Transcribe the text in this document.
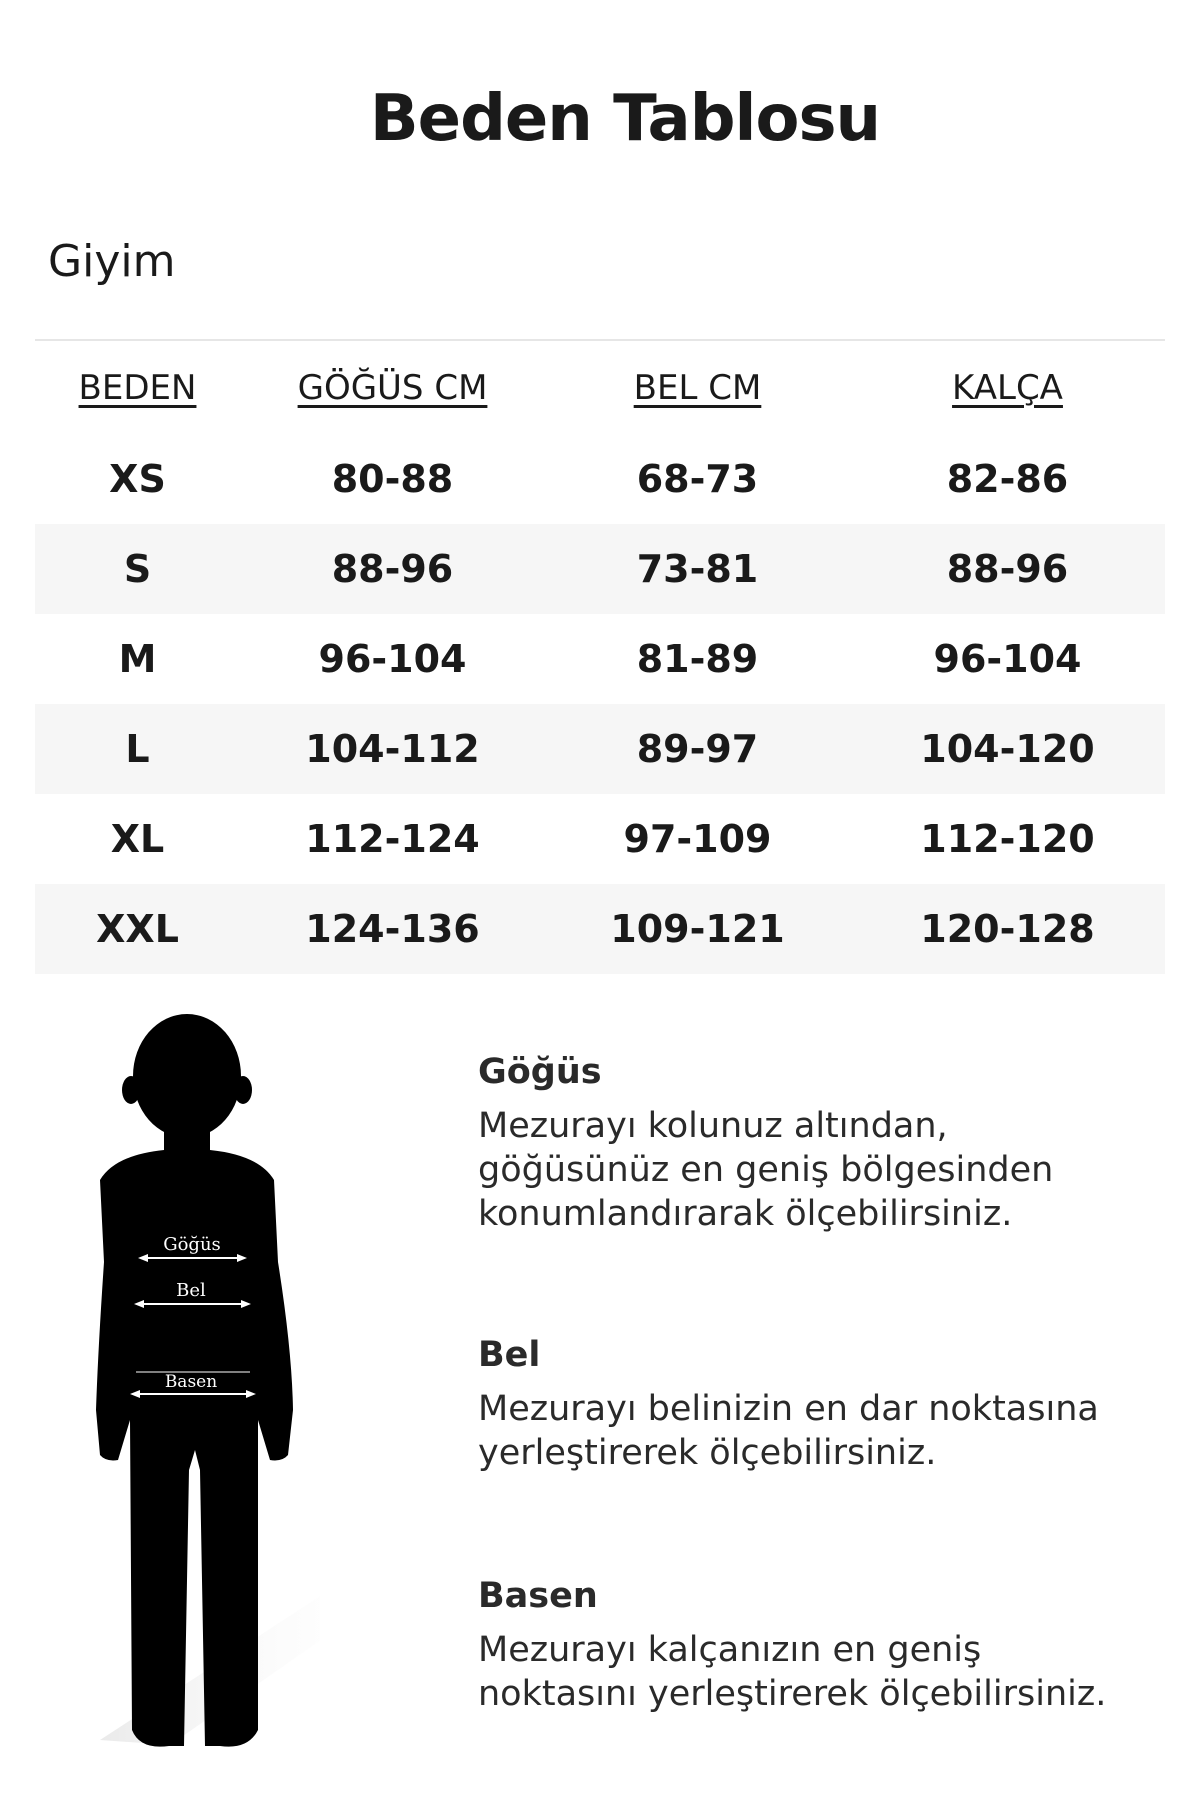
Beden Tablosu
Giyim
BEDEN	GÖĞÜS CM	BEL CM	KALÇA
XS	80-88	68-73	82-86
S	88-96	73-81	88-96
M	96-104	81-89	96-104
L	104-112	89-97	104-120
XL	112-124	97-109	112-120
XXL	124-136	109-121	120-128
Göğüs
Bel
Basen
Göğüs

Mezurayı kolunuz altından,
göğüsünüz en geniş bölgesinden
konumlandırarak ölçebilirsiniz.

Bel

Mezurayı belinizin en dar noktasına
yerleştirerek ölçebilirsiniz.

Basen

Mezurayı kalçanızın en geniş
noktasını yerleştirerek ölçebilirsiniz.
